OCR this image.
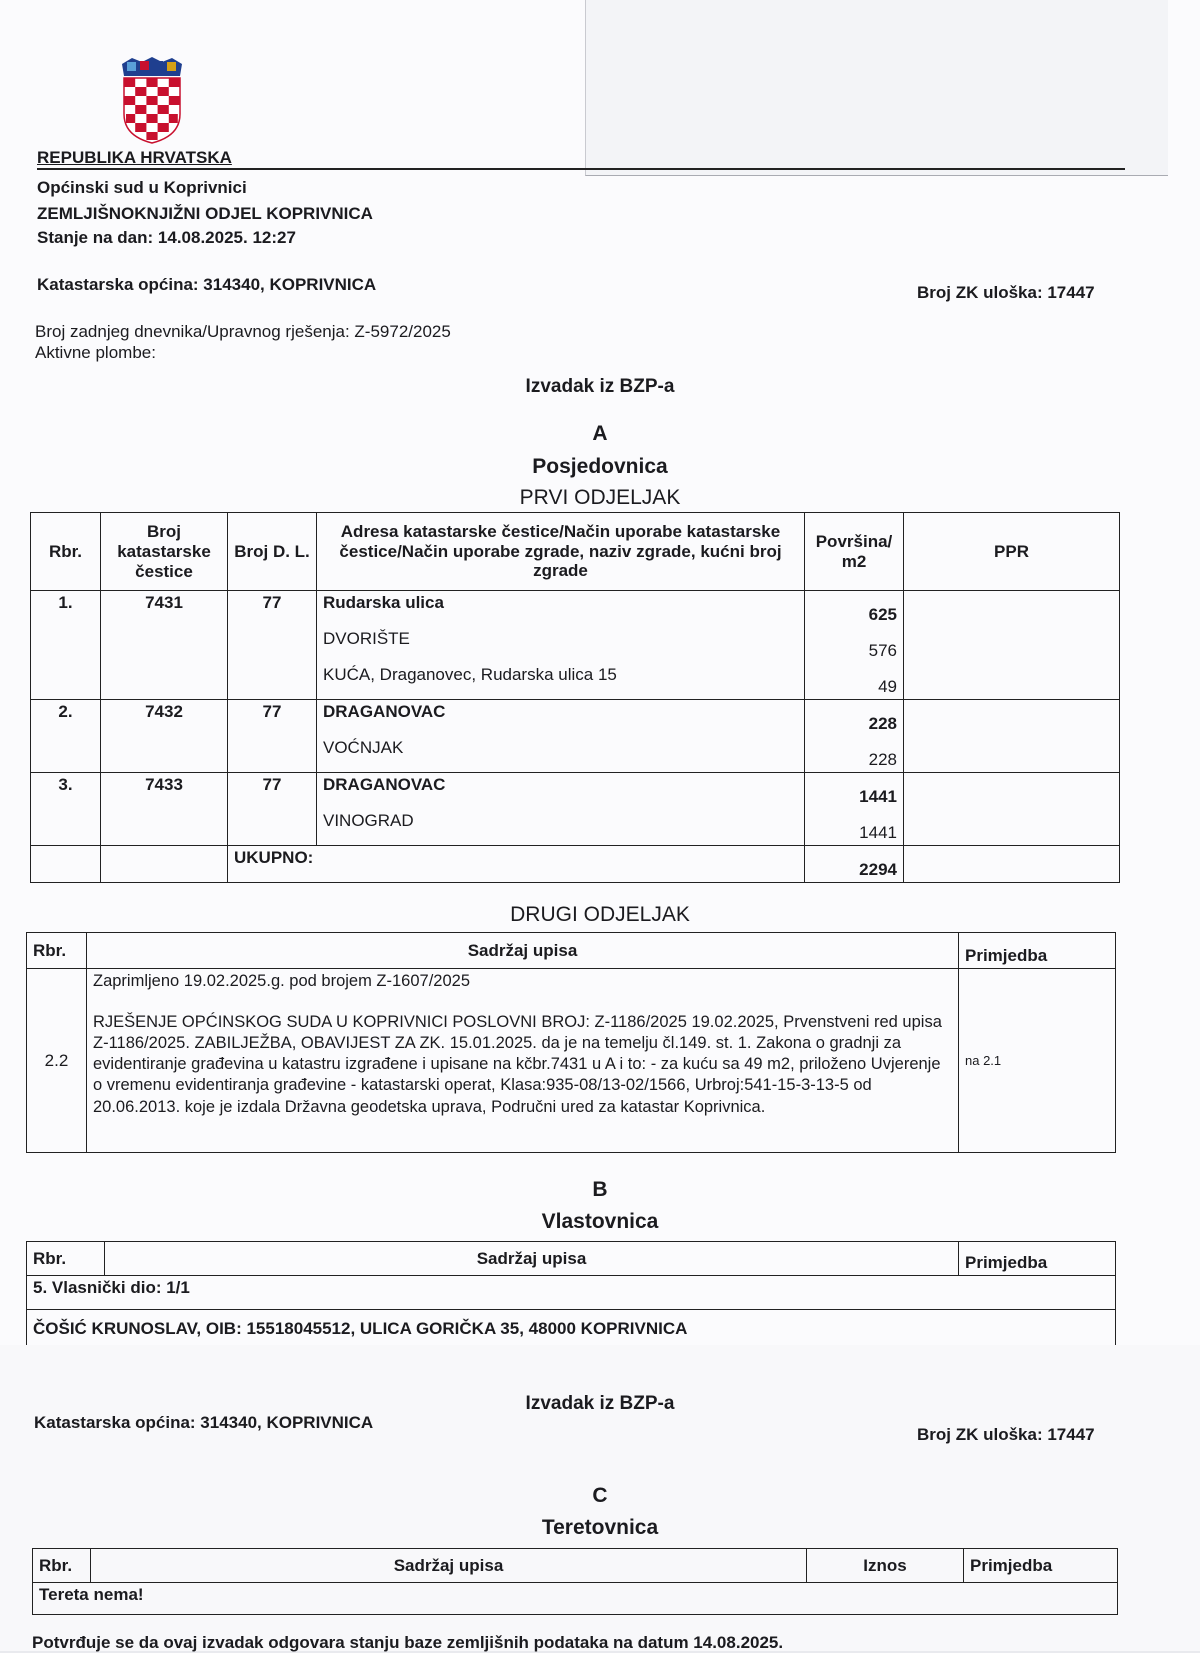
REPUBLIKA HRVATSKA
Općinski sud u Koprivnici
ZEMLJIŠNOKNJIŽNI ODJEL KOPRIVNICA
Stanje na dan: 14.08.2025. 12:27
Katastarska općina: 314340, KOPRIVNICA	Broj ZK uloška: 17447
Broj zadnjeg dnevnika/Upravnog rješenja: Z-5972/2025
Aktivne plombe:
Izvadak iz BZP-a
A
Posjedovnica
PRVI ODJELJAK
Rbr.	Broj katastarske čestice	Broj D. L.	Adresa katastarske čestice/Način uporabe katastarske čestice/Način uporabe zgrade, naziv zgrade, kućni broj zgrade	Površina/ m2	PPR
1.	7431	77	Rudarska ulica	625	
			DVORIŠTE	576	
			KUĆA, Draganovec, Rudarska ulica 15	49	
2.	7432	77	DRAGANOVAC	228	
			VOĆNJAK	228	
3.	7433	77	DRAGANOVAC	1441	
			VINOGRAD	1441	
		UKUPNO:		2294	
DRUGI ODJELJAK
Rbr.	Sadržaj upisa	Primjedba
2.2	Zaprimljeno 19.02.2025.g. pod brojem Z-1607/2025
RJEŠENJE OPĆINSKOG SUDA U KOPRIVNICI POSLOVNI BROJ: Z-1186/2025 19.02.2025, Prvenstveni red upisa Z-1186/2025. ZABILJEŽBA, OBAVIJEST ZA ZK. 15.01.2025. da je na temelju čl.149. st. 1. Zakona o gradnji za evidentiranje građevina u katastru izgrađene i upisane na kčbr.7431 u A i to: - za kuću sa 49 m2, priloženo Uvjerenje o vremenu evidentiranja građevine - katastarski operat, Klasa:935-08/13-02/1566, Urbroj:541-15-3-13-5 od 20.06.2013. koje je izdala Državna geodetska uprava, Područni ured za katastar Koprivnica.	na 2.1
B
Vlastovnica
Rbr.	Sadržaj upisa	Primjedba
5. Vlasnički dio: 1/1
ČOŠIĆ KRUNOSLAV, OIB: 15518045512, ULICA GORIČKA 35, 48000 KOPRIVNICA
Izvadak iz BZP-a
Katastarska općina: 314340, KOPRIVNICA
Broj ZK uloška: 17447
C
Teretovnica
Rbr.	Sadržaj upisa	Iznos	Primjedba
Tereta nema!
Potvrđuje se da ovaj izvadak odgovara stanju baze zemljišnih podataka na datum 14.08.2025.
